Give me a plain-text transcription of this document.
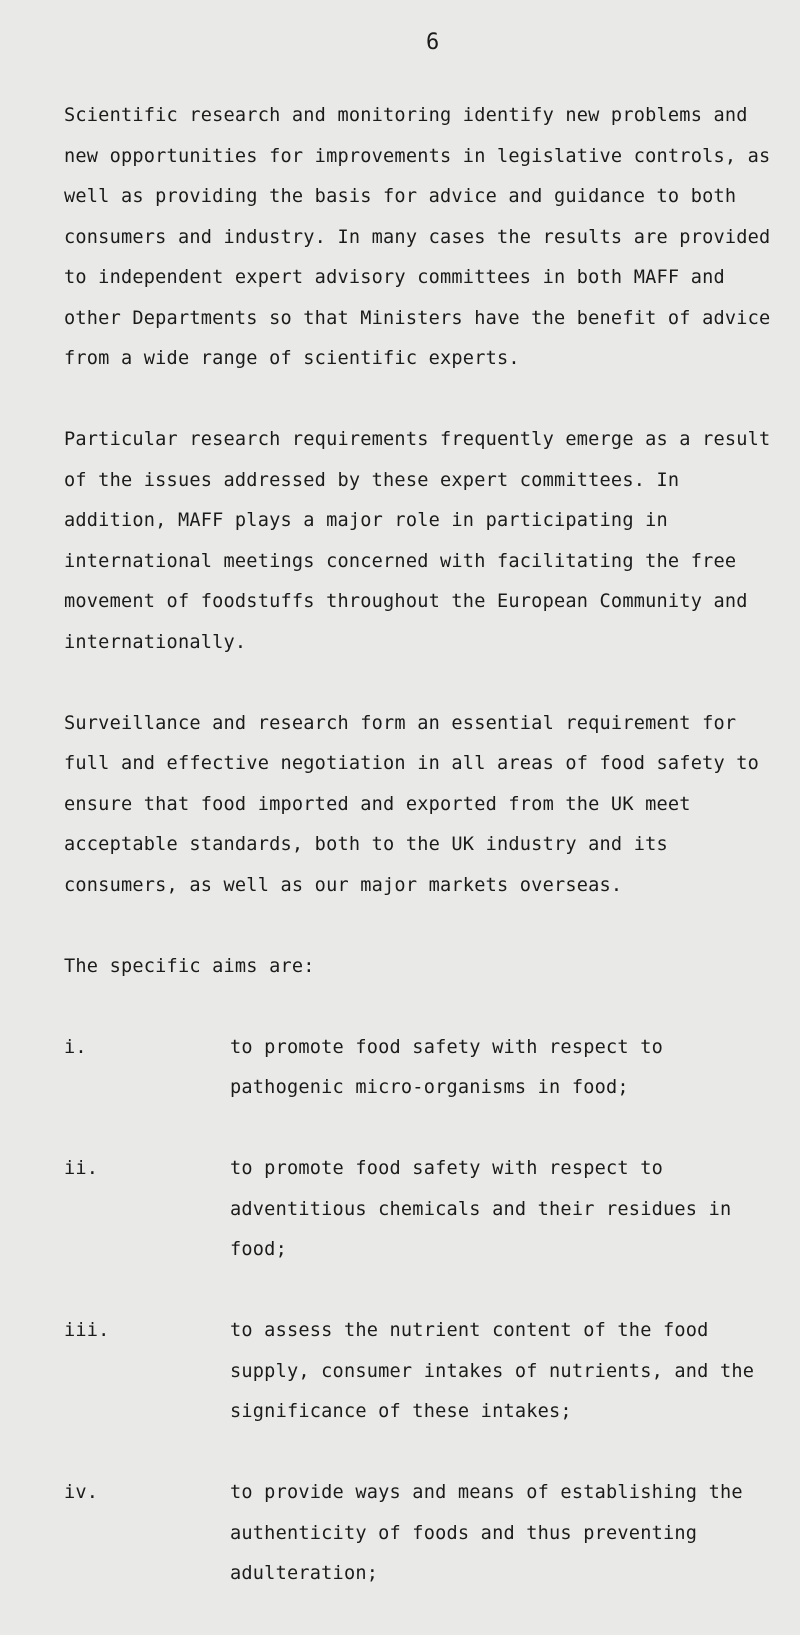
6

Scientific research and monitoring identify new problems and new opportunities for improvements in legislative controls, as well as providing the basis for advice and guidance to both consumers and industry. In many cases the results are provided to independent expert advisory committees in both MAFF and other Departments so that Ministers have the benefit of advice from a wide range of scientific experts.

Particular research requirements frequently emerge as a result of the issues addressed by these expert committees. In addition, MAFF plays a major role in participating in international meetings concerned with facilitating the free movement of foodstuffs throughout the European Community and internationally.

Surveillance and research form an essential requirement for full and effective negotiation in all areas of food safety to ensure that food imported and exported from the UK meet acceptable standards, both to the UK industry and its consumers, as well as our major markets overseas.

The specific aims are:

i.	to promote food safety with respect to pathogenic micro-organisms in food;
ii.	to promote food safety with respect to adventitious chemicals and their residues in food;
iii.	to assess the nutrient content of the food supply, consumer intakes of nutrients, and the significance of these intakes;
iv.	to provide ways and means of establishing the authenticity of foods and thus preventing adulteration;
